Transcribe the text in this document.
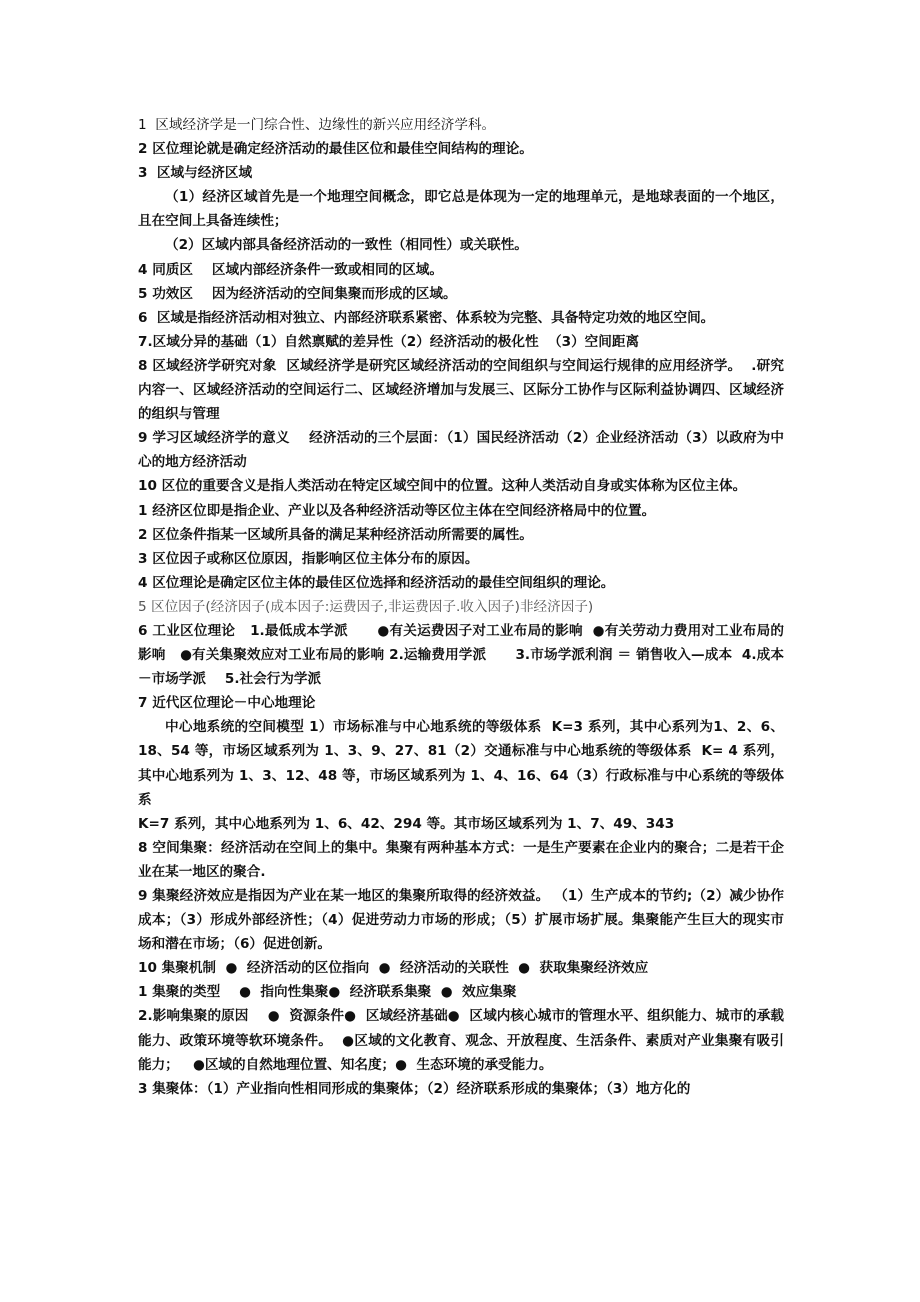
1  区域经济学是一门综合性、边缘性的新兴应用经济学科。

2 区位理论就是确定经济活动的最佳区位和最佳空间结构的理论。

3  区域与经济区域

（1）经济区域首先是一个地理空间概念，即它总是体现为一定的地理单元，是地球表面的一个地区，且在空间上具备连续性；

（2）区域内部具备经济活动的一致性（相同性）或关联性。

4 同质区    区域内部经济条件一致或相同的区域。

5 功效区    因为经济活动的空间集聚而形成的区域。

6  区域是指经济活动相对独立、内部经济联系紧密、体系较为完整、具备特定功效的地区空间。

7.区域分异的基础（1）自然禀赋的差异性（2）经济活动的极化性  （3）空间距离

8 区域经济学研究对象  区域经济学是研究区域经济活动的空间组织与空间运行规律的应用经济学。  .研究内容一、区域经济活动的空间运行二、区域经济增加与发展三、区际分工协作与区际利益协调四、区域经济的组织与管理

9 学习区域经济学的意义    经济活动的三个层面：（1）国民经济活动（2）企业经济活动（3）以政府为中心的地方经济活动

10 区位的重要含义是指人类活动在特定区域空间中的位置。这种人类活动自身或实体称为区位主体。

1 经济区位即是指企业、产业以及各种经济活动等区位主体在空间经济格局中的位置。

2 区位条件指某一区域所具备的满足某种经济活动所需要的属性。

3 区位因子或称区位原因，指影响区位主体分布的原因。

4 区位理论是确定区位主体的最佳区位选择和经济活动的最佳空间组织的理论。

5 区位因子(经济因子(成本因子:运费因子,非运费因子.收入因子)非经济因子)

6 工业区位理论   1.最低成本学派      ●有关运费因子对工业布局的影响  ●有关劳动力费用对工业布局的影响   ●有关集聚效应对工业布局的影响 2.运输费用学派      3.市场学派利润 ＝ 销售收入—成本  4.成本－市场学派    5.社会行为学派

7 近代区位理论－中心地理论

中心地系统的空间模型 1）市场标准与中心地系统的等级体系  K=3 系列，其中心系列为1、2、6、18、54 等，市场区域系列为 1、3、9、27、81（2）交通标准与中心地系统的等级体系  K= 4 系列，其中心地系列为 1、3、12、48 等，市场区域系列为 1、4、16、64（3）行政标准与中心系统的等级体系

K=7 系列，其中心地系列为 1、6、42、294 等。其市场区域系列为 1、7、49、343

8 空间集聚：经济活动在空间上的集中。集聚有两种基本方式：一是生产要素在企业内的聚合；二是若干企业在某一地区的聚合.

9 集聚经济效应是指因为产业在某一地区的集聚所取得的经济效益。 （1）生产成本的节约;（2）减少协作成本；（3）形成外部经济性；（4）促进劳动力市场的形成；（5）扩展市场扩展。集聚能产生巨大的现实市场和潜在市场；（6）促进创新。

10 集聚机制  ●  经济活动的区位指向  ●  经济活动的关联性  ●  获取集聚经济效应

1 集聚的类型    ●  指向性集聚●  经济联系集聚  ●  效应集聚

2.影响集聚的原因    ●  资源条件●  区域经济基础●  区域内核心城市的管理水平、组织能力、城市的承载能力、政策环境等软环境条件。  ●区域的文化教育、观念、开放程度、生活条件、素质对产业集聚有吸引能力；   ●区域的自然地理位置、知名度；●  生态环境的承受能力。

3 集聚体：（1）产业指向性相同形成的集聚体；（2）经济联系形成的集聚体；（3）地方化的
